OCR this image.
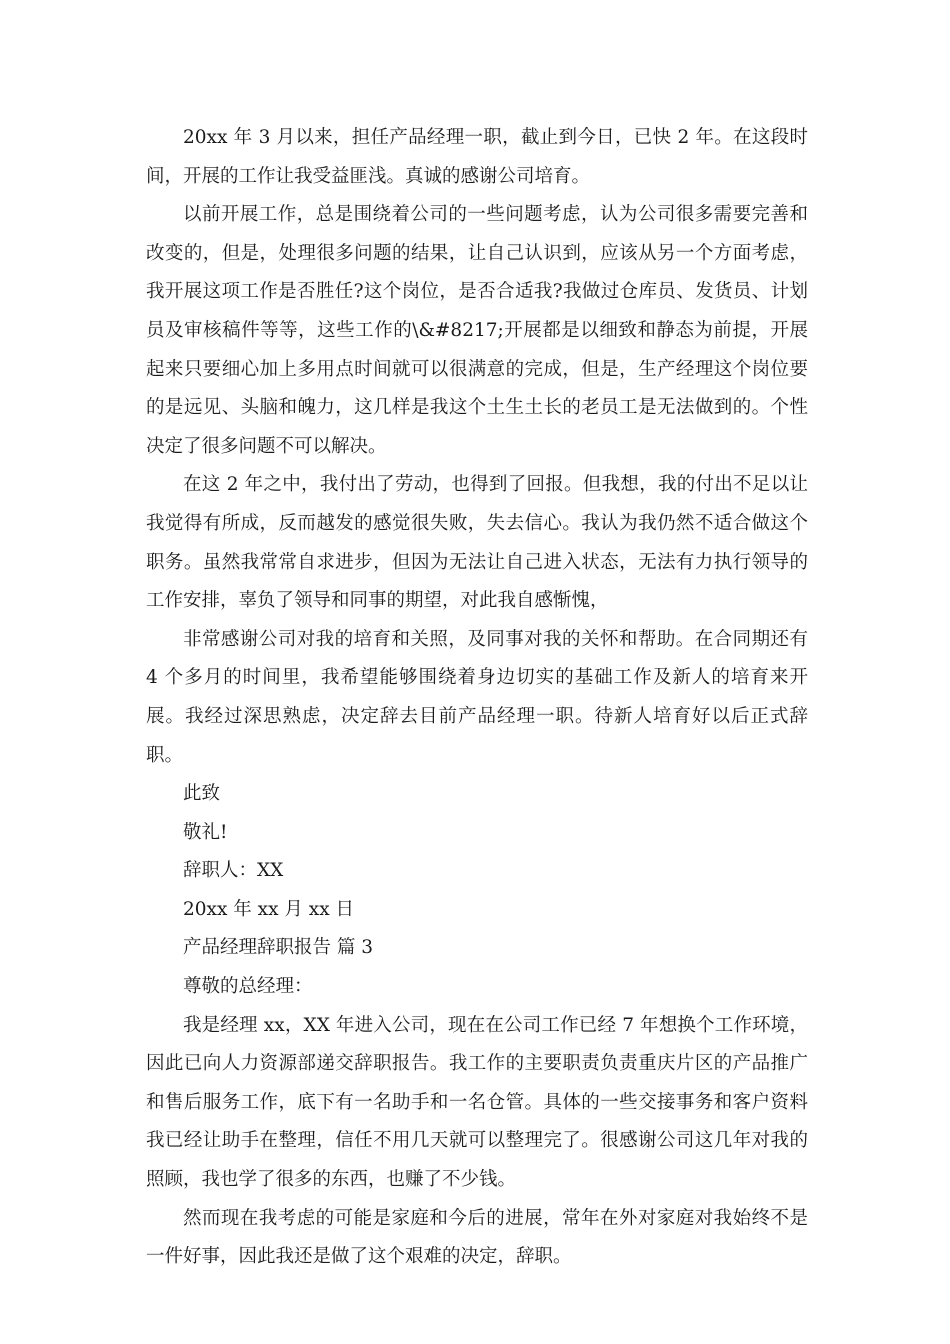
20xx 年 3 月以来，担任产品经理一职，截止到今日，已快 2 年。在这段时间，开展的工作让我受益匪浅。真诚的感谢公司培育。

以前开展工作，总是围绕着公司的一些问题考虑，认为公司很多需要完善和改变的，但是，处理很多问题的结果，让自己认识到，应该从另一个方面考虑，我开展这项工作是否胜任?这个岗位，是否合适我?我做过仓库员、发货员、计划员及审核稿件等等，这些工作的\&#8217;开展都是以细致和静态为前提，开展起来只要细心加上多用点时间就可以很满意的完成，但是，生产经理这个岗位要的是远见、头脑和魄力，这几样是我这个土生土长的老员工是无法做到的。个性决定了很多问题不可以解决。

在这 2 年之中，我付出了劳动，也得到了回报。但我想，我的付出不足以让我觉得有所成，反而越发的感觉很失败，失去信心。我认为我仍然不适合做这个职务。虽然我常常自求进步，但因为无法让自己进入状态，无法有力执行领导的工作安排，辜负了领导和同事的期望，对此我自感惭愧，

非常感谢公司对我的培育和关照，及同事对我的关怀和帮助。在合同期还有 4 个多月的时间里，我希望能够围绕着身边切实的基础工作及新人的培育来开展。我经过深思熟虑，决定辞去目前产品经理一职。待新人培育好以后正式辞职。

此致

敬礼!

辞职人：XX

20xx 年 xx 月 xx 日

产品经理辞职报告 篇 3

尊敬的总经理：

我是经理 xx，XX 年进入公司，现在在公司工作已经 7 年想换个工作环境，因此已向人力资源部递交辞职报告。我工作的主要职责负责重庆片区的产品推广和售后服务工作，底下有一名助手和一名仓管。具体的一些交接事务和客户资料我已经让助手在整理，信任不用几天就可以整理完了。很感谢公司这几年对我的照顾，我也学了很多的东西，也赚了不少钱。

然而现在我考虑的可能是家庭和今后的进展，常年在外对家庭对我始终不是一件好事，因此我还是做了这个艰难的决定，辞职。
